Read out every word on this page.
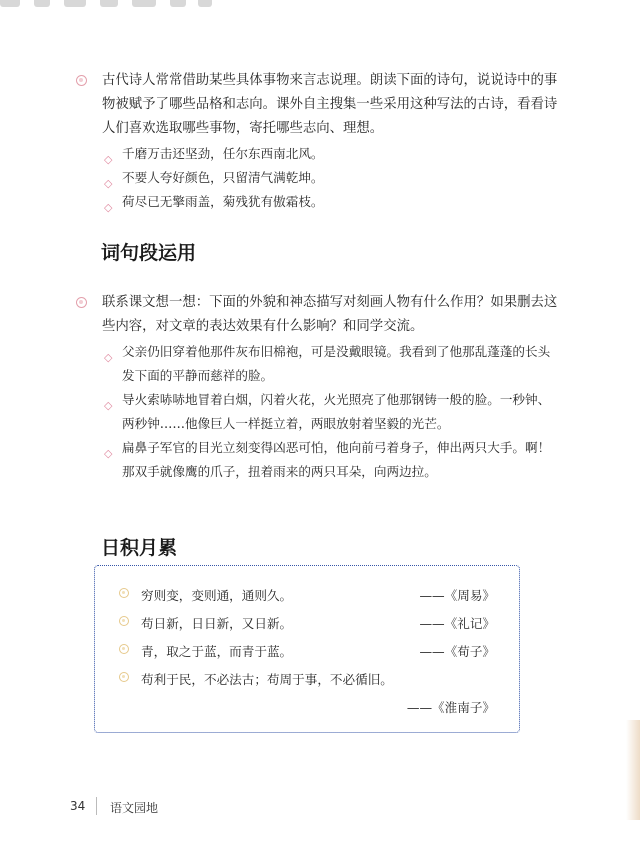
古代诗人常常借助某些具体事物来言志说理。朗读下面的诗句，说说诗中的事物被赋予了哪些品格和志向。课外自主搜集一些采用这种写法的古诗，看看诗人们喜欢选取哪些事物，寄托哪些志向、理想。
◇ 千磨万击还坚劲，任尔东西南北风。
◇ 不要人夸好颜色，只留清气满乾坤。
◇ 荷尽已无擎雨盖，菊残犹有傲霜枝。
词句段运用
联系课文想一想：下面的外貌和神态描写对刻画人物有什么作用？如果删去这些内容，对文章的表达效果有什么影响？和同学交流。
◇ 父亲仍旧穿着他那件灰布旧棉袍，可是没戴眼镜。我看到了他那乱蓬蓬的长头发下面的平静而慈祥的脸。
◇ 导火索哧哧地冒着白烟，闪着火花，火光照亮了他那钢铸一般的脸。一秒钟、两秒钟……他像巨人一样挺立着，两眼放射着坚毅的光芒。
◇ 扁鼻子军官的目光立刻变得凶恶可怕，他向前弓着身子，伸出两只大手。啊！那双手就像鹰的爪子，扭着雨来的两只耳朵，向两边拉。
日积月累
穷则变，变则通，通则久。	——《周易》
苟日新，日日新，又日新。	——《礼记》
青，取之于蓝，而青于蓝。	——《荀子》
苟利于民，不必法古；苟周于事，不必循旧。
——《淮南子》
34 语文园地
